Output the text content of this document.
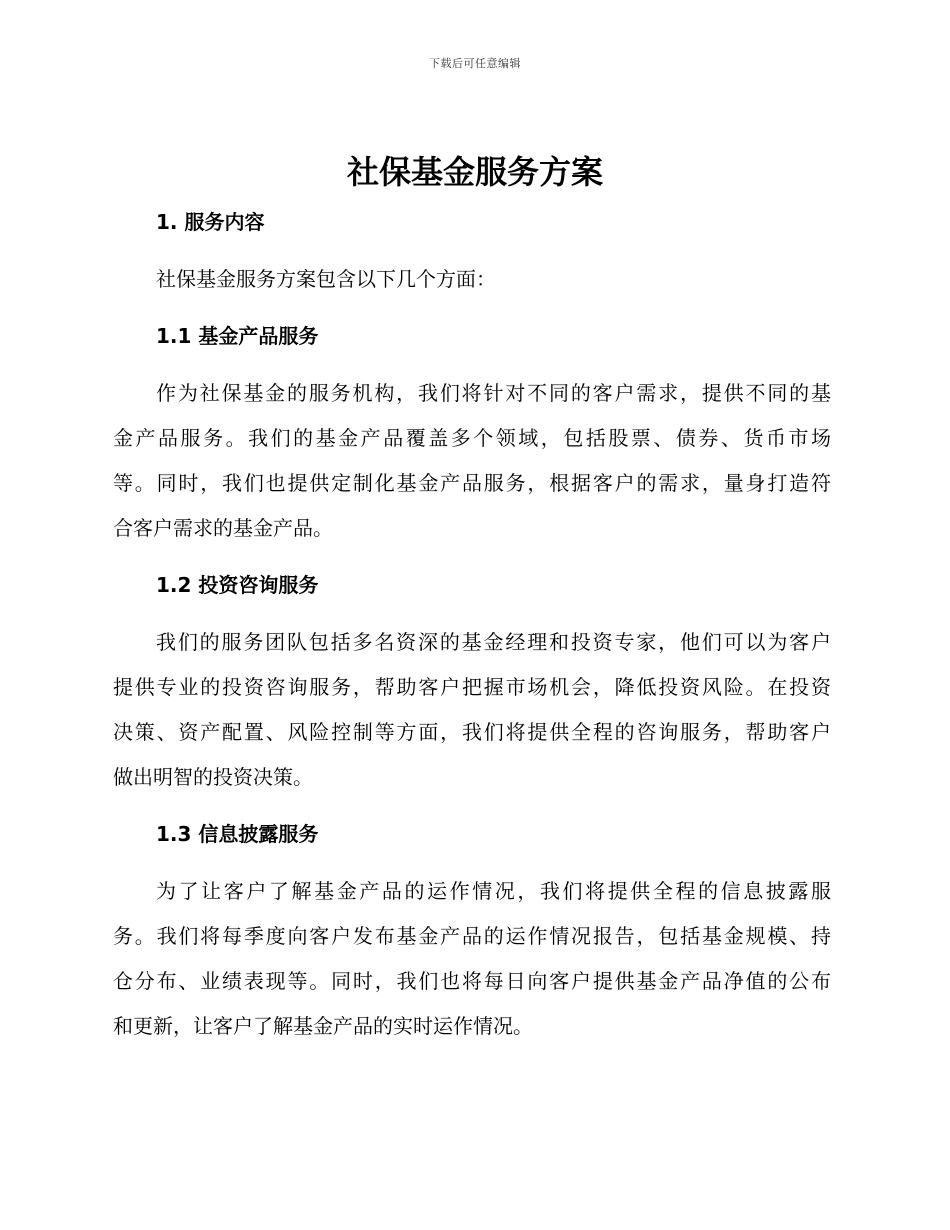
下载后可任意编辑
社保基金服务方案
1. 服务内容

社保基金服务方案包含以下几个方面：

1.1 基金产品服务
作为社保基金的服务机构，我们将针对不同的客户需求，提供不同的基
金产品服务。我们的基金产品覆盖多个领域，包括股票、债券、货币市场
等。同时，我们也提供定制化基金产品服务，根据客户的需求，量身打造符
合客户需求的基金产品。
1.2 投资咨询服务
我们的服务团队包括多名资深的基金经理和投资专家，他们可以为客户
提供专业的投资咨询服务，帮助客户把握市场机会，降低投资风险。在投资
决策、资产配置、风险控制等方面，我们将提供全程的咨询服务，帮助客户
做出明智的投资决策。
1.3 信息披露服务
为了让客户了解基金产品的运作情况，我们将提供全程的信息披露服
务。我们将每季度向客户发布基金产品的运作情况报告，包括基金规模、持
仓分布、业绩表现等。同时，我们也将每日向客户提供基金产品净值的公布
和更新，让客户了解基金产品的实时运作情况。
